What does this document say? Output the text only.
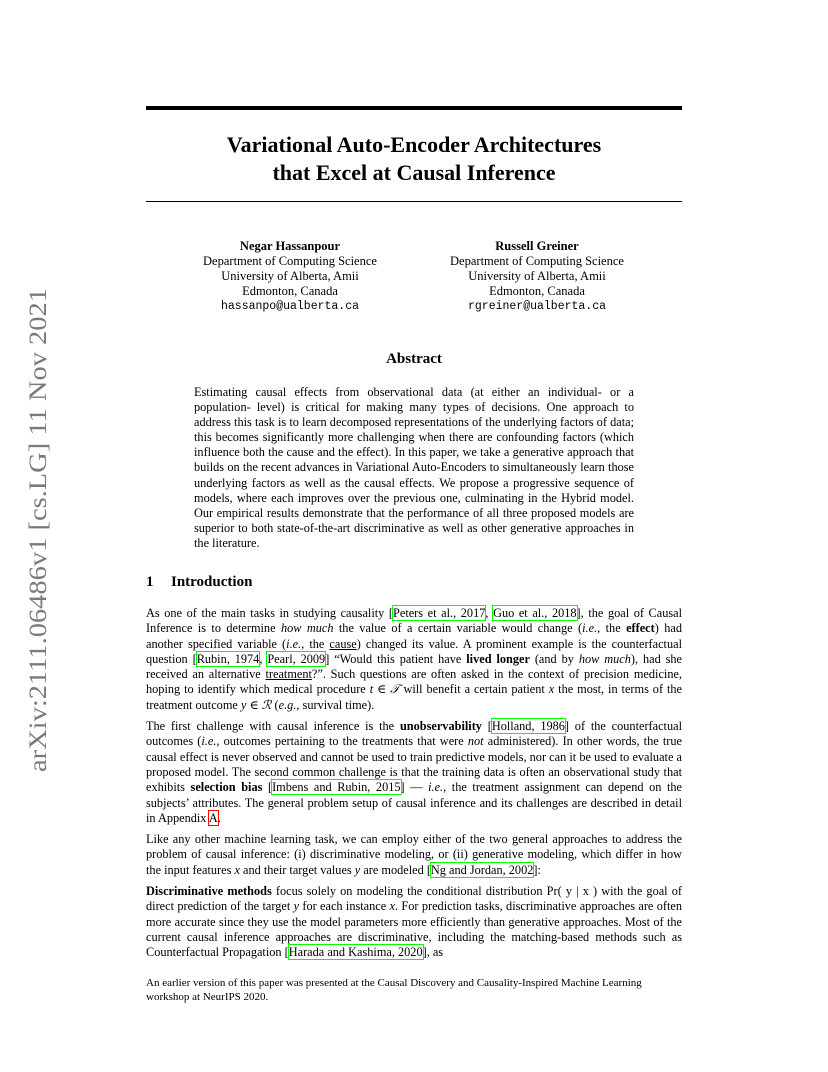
arXiv:2111.06486v1 [cs.LG] 11 Nov 2021
Variational Auto-Encoder Architectures
that Excel at Causal Inference
Negar Hassanpour
Department of Computing Science
University of Alberta, Amii
Edmonton, Canada
hassanpo@ualberta.ca
Russell Greiner
Department of Computing Science
University of Alberta, Amii
Edmonton, Canada
rgreiner@ualberta.ca
Abstract
Estimating causal effects from observational data (at either an individual- or a population- level) is critical for making many types of decisions. One approach to address this task is to learn decomposed representations of the underlying factors of data; this becomes significantly more challenging when there are confounding factors (which influence both the cause and the effect). In this paper, we take a generative approach that builds on the recent advances in Variational Auto-Encoders to simultaneously learn those underlying factors as well as the causal effects. We propose a progressive sequence of models, where each improves over the previous one, culminating in the Hybrid model. Our empirical results demonstrate that the performance of all three proposed models are superior to both state-of-the-art discriminative as well as other generative approaches in the literature.
1 Introduction

As one of the main tasks in studying causality [Peters et al., 2017, Guo et al., 2018], the goal of Causal Inference is to determine how much the value of a certain variable would change (i.e., the effect) had another specified variable (i.e., the cause) changed its value. A prominent example is the counterfactual question [Rubin, 1974, Pearl, 2009] “Would this patient have lived longer (and by how much), had she received an alternative treatment?”. Such questions are often asked in the context of precision medicine, hoping to identify which medical procedure t ∈ 𝒯 will benefit a certain patient x the most, in terms of the treatment outcome y ∈ ℛ (e.g., survival time).

The first challenge with causal inference is the unobservability [Holland, 1986] of the counterfactual outcomes (i.e., outcomes pertaining to the treatments that were not administered). In other words, the true causal effect is never observed and cannot be used to train predictive models, nor can it be used to evaluate a proposed model. The second common challenge is that the training data is often an observational study that exhibits selection bias [Imbens and Rubin, 2015] — i.e., the treatment assignment can depend on the subjects’ attributes. The general problem setup of causal inference and its challenges are described in detail in Appendix A.

Like any other machine learning task, we can employ either of the two general approaches to address the problem of causal inference: (i) discriminative modeling, or (ii) generative modeling, which differ in how the input features x and their target values y are modeled [Ng and Jordan, 2002]:

Discriminative methods focus solely on modeling the conditional distribution Pr( y | x ) with the goal of direct prediction of the target y for each instance x. For prediction tasks, discriminative approaches are often more accurate since they use the model parameters more efficiently than generative approaches. Most of the current causal inference approaches are discriminative, including the matching-based methods such as Counterfactual Propagation [Harada and Kashima, 2020], as

An earlier version of this paper was presented at the Causal Discovery and Causality-Inspired Machine Learning workshop at NeurIPS 2020.
